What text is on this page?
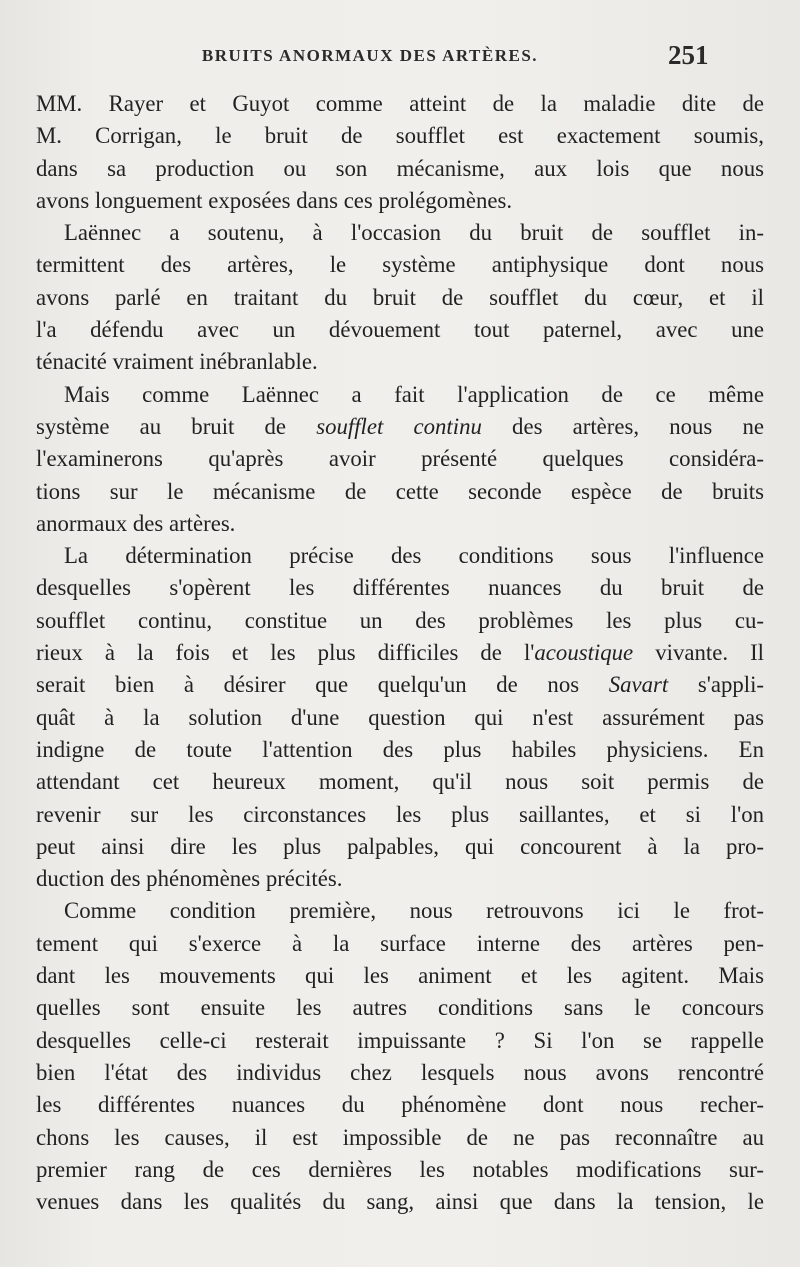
BRUITS ANORMAUX DES ARTÈRES.	251
MM. Rayer et Guyot comme atteint de la maladie dite de
M. Corrigan, le bruit de soufflet est exactement soumis,
dans sa production ou son mécanisme, aux lois que nous
avons longuement exposées dans ces prolégomènes.
Laënnec a soutenu, à l'occasion du bruit de soufflet in-
termittent des artères, le système antiphysique dont nous
avons parlé en traitant du bruit de soufflet du cœur, et il
l'a défendu avec un dévouement tout paternel, avec une
ténacité vraiment inébranlable.
Mais comme Laënnec a fait l'application de ce même
système au bruit de soufflet continu des artères, nous ne
l'examinerons qu'après avoir présenté quelques considéra-
tions sur le mécanisme de cette seconde espèce de bruits
anormaux des artères.
La détermination précise des conditions sous l'influence
desquelles s'opèrent les différentes nuances du bruit de
soufflet continu, constitue un des problèmes les plus cu-
rieux à la fois et les plus difficiles de l'acoustique vivante. Il
serait bien à désirer que quelqu'un de nos Savart s'appli-
quât à la solution d'une question qui n'est assurément pas
indigne de toute l'attention des plus habiles physiciens. En
attendant cet heureux moment, qu'il nous soit permis de
revenir sur les circonstances les plus saillantes, et si l'on
peut ainsi dire les plus palpables, qui concourent à la pro-
duction des phénomènes précités.
Comme condition première, nous retrouvons ici le frot-
tement qui s'exerce à la surface interne des artères pen-
dant les mouvements qui les animent et les agitent. Mais
quelles sont ensuite les autres conditions sans le concours
desquelles celle-ci resterait impuissante ? Si l'on se rappelle
bien l'état des individus chez lesquels nous avons rencontré
les différentes nuances du phénomène dont nous recher-
chons les causes, il est impossible de ne pas reconnaître au
premier rang de ces dernières les notables modifications sur-
venues dans les qualités du sang, ainsi que dans la tension, le
